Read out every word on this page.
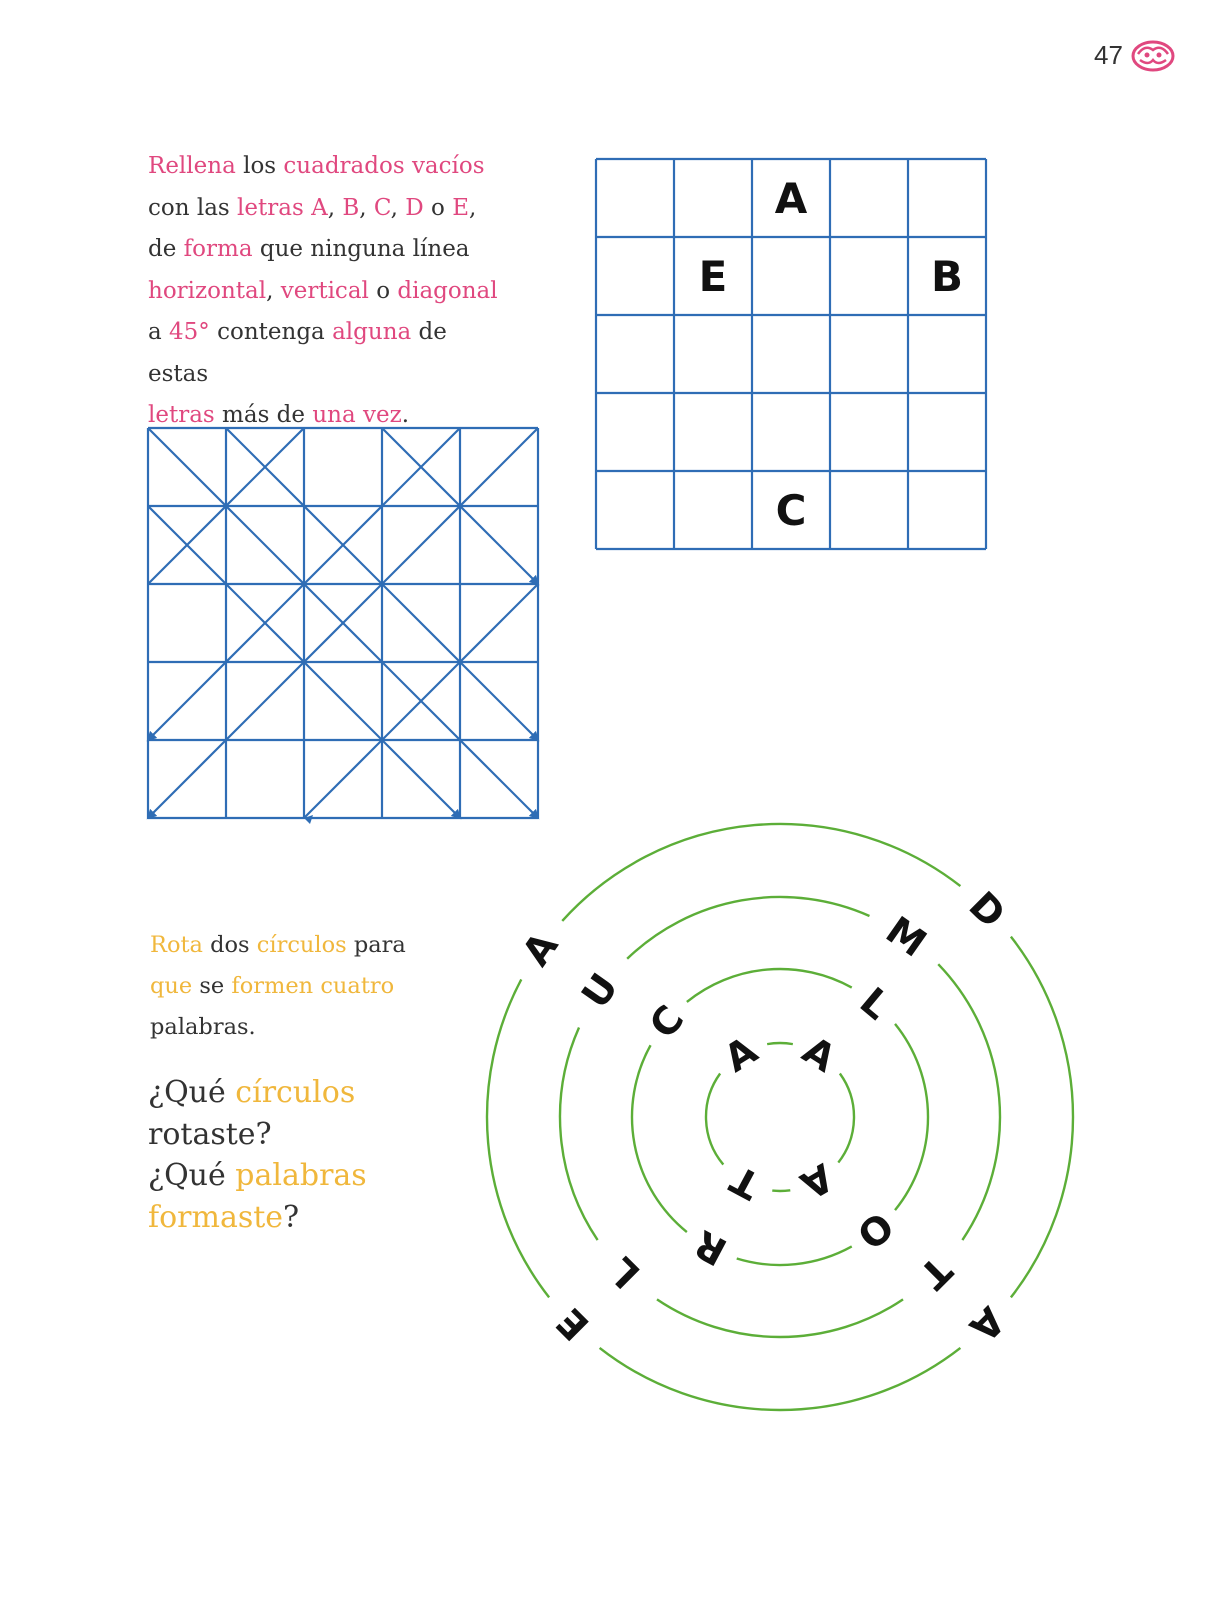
47
Rellena los cuadrados vacíos
con las letras A, B, C, D o E,
de forma que ninguna línea
horizontal, vertical o diagonal
a 45° contenga alguna de estas
letras más de una vez.
A
E	B
C
Rota dos círculos para
que se formen cuatro
palabras.
¿Qué círculos
rotaste?
¿Qué palabras
formaste?
A
D
A
E
U
M
T
L
C	L
O
R
A A
A
T
